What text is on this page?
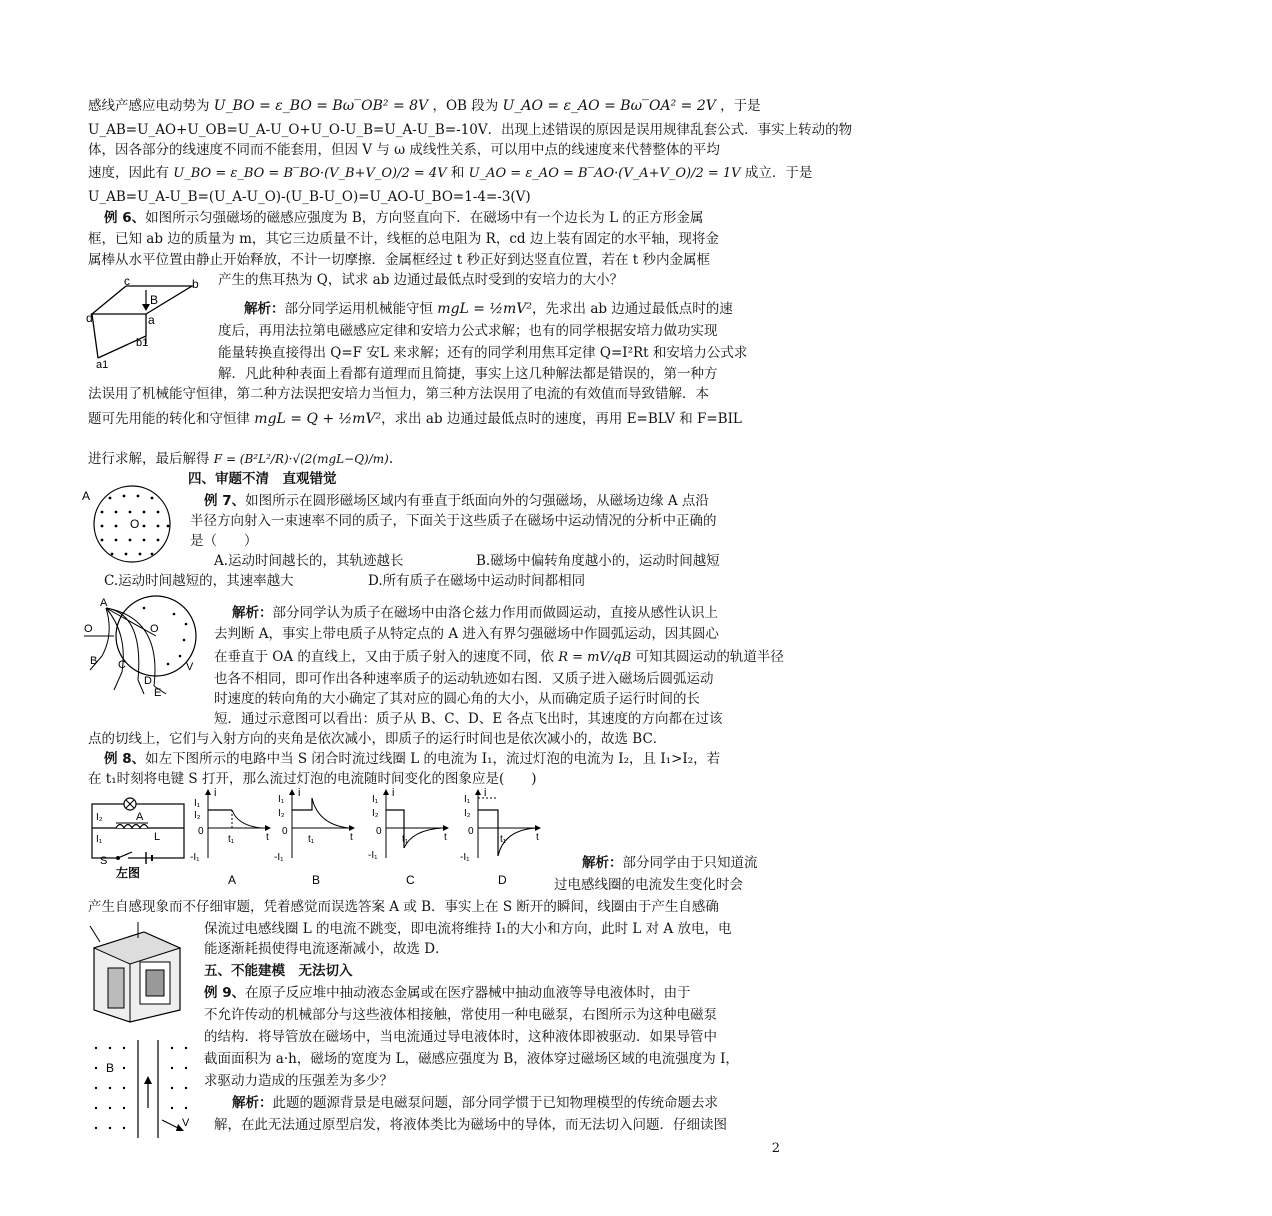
感线产感应电动势为 U_BO = ε_BO = Bω‾OB² = 8V ，OB 段为 U_AO = ε_AO = Bω‾OA² = 2V ，于是
U_AB=U_AO+U_OB=U_A-U_O+U_O-U_B=U_A-U_B=-10V．出现上述错误的原因是误用规律乱套公式．事实上转动的物
体，因各部分的线速度不同而不能套用，但因 V 与 ω 成线性关系，可以用中点的线速度来代替整体的平均
速度，因此有 U_BO = ε_BO = B‾BO·(V_B+V_O)/2 = 4V 和 U_AO = ε_AO = B‾AO·(V_A+V_O)/2 = 1V 成立．于是
U_AB=U_A-U_B=(U_A-U_O)-(U_B-U_O)=U_AO-U_BO=1-4=-3(V)
例 6、如图所示匀强磁场的磁感应强度为 B，方向竖直向下．在磁场中有一个边长为 L 的正方形金属
框，已知 ab 边的质量为 m，其它三边质量不计，线框的总电阻为 R，cd 边上装有固定的水平轴，现将金
属棒从水平位置由静止开始释放，不计一切摩擦．金属框经过 t 秒正好到达竖直位置，若在 t 秒内金属框
产生的焦耳热为 Q，试求 ab 边通过最低点时受到的安培力的大小？
c	b
B
d	a
b1
a1
解析：部分同学运用机械能守恒 mgL = ½mV²，先求出 ab 边通过最低点时的速
度后，再用法拉第电磁感应定律和安培力公式求解；也有的同学根据安培力做功实现
能量转换直接得出 Q=F 安L 来求解；还有的同学利用焦耳定律 Q=I²Rt 和安培力公式求
解．凡此种种表面上看都有道理而且简捷，事实上这几种解法都是错误的，第一种方
法误用了机械能守恒律，第二种方法误把安培力当恒力，第三种方法误用了电流的有效值而导致错解．本
题可先用能的转化和守恒律 mgL = Q + ½mV²，求出 ab 边通过最低点时的速度，再用 E=BLV 和 F=BIL
进行求解，最后解得 F = (B²L²/R)·√(2(mgL−Q)/m).
四、审题不清　直观错觉
A
O
例 7、如图所示在圆形磁场区域内有垂直于纸面向外的匀强磁场，从磁场边缘 A 点沿
半径方向射入一束速率不同的质子，下面关于这些质子在磁场中运动情况的分析中正确的
是（　　）
A.运动时间越长的，其轨迹越长	B.磁场中偏转角度越小的，运动时间越短
C.运动时间越短的，其速率越大	D.所有质子在磁场中运动时间都相同
A
O	O
B C
D
E
V
解析：部分同学认为质子在磁场中由洛仑兹力作用而做圆运动，直接从感性认识上
去判断 A，事实上带电质子从特定点的 A 进入有界匀强磁场中作圆弧运动，因其圆心
在垂直于 OA 的直线上，又由于质子射入的速度不同，依 R = mV/qB 可知其圆运动的轨道半径
也各不相同，即可作出各种速率质子的运动轨迹如右图．又质子进入磁场后圆弧运动
时速度的转向角的大小确定了其对应的圆心角的大小，从而确定质子运行时间的长
短．通过示意图可以看出：质子从 B、C、D、E 各点飞出时，其速度的方向都在过该
点的切线上，它们与入射方向的夹角是依次减小，即质子的运行时间也是依次减小的，故选 BC．
例 8、如左下图所示的电路中当 S 闭合时流过线圈 L 的电流为 I₁，流过灯泡的电流为 I₂，且 I₁>I₂，若
在 t₁时刻将电键 S 打开，那么流过灯泡的电流随时间变化的图象应是(　　)
I₂
I₁
A
L
S
左图
i
I₁
I₂
0
t₁	t
-I₁
A
i
I₁
I₂
0
t₁	t
-I₁
B
i
I₁
I₂
0
t₁	t
-I₁
C
i
I₁
I₂
0
t₁	t
-I₁
D
解析：部分同学由于只知道流
过电感线圈的电流发生变化时会
产生自感现象而不仔细审题，凭着感觉而误选答案 A 或 B．事实上在 S 断开的瞬间，线圈由于产生自感确
保流过电感线圈 L 的电流不跳变，即电流将维持 I₁的大小和方向，此时 L 对 A 放电，电
能逐渐耗损使得电流逐渐减小，故选 D．
五、不能建模　无法切入
例 9、在原子反应堆中抽动液态金属或在医疗器械中抽动血液等导电液体时，由于
不允许传动的机械部分与这些液体相接触，常使用一种电磁泵，右图所示为这种电磁泵
的结构．将导管放在磁场中，当电流通过导电液体时，这种液体即被驱动．如果导管中
截面面积为 a·h，磁场的宽度为 L，磁感应强度为 B，液体穿过磁场区域的电流强度为 I，
求驱动力造成的压强差为多少？
B
V
解析：此题的题源背景是电磁泵问题，部分同学惯于已知物理模型的传统命题去求
解，在此无法通过原型启发，将液体类比为磁场中的导体，而无法切入问题．仔细读图
2
